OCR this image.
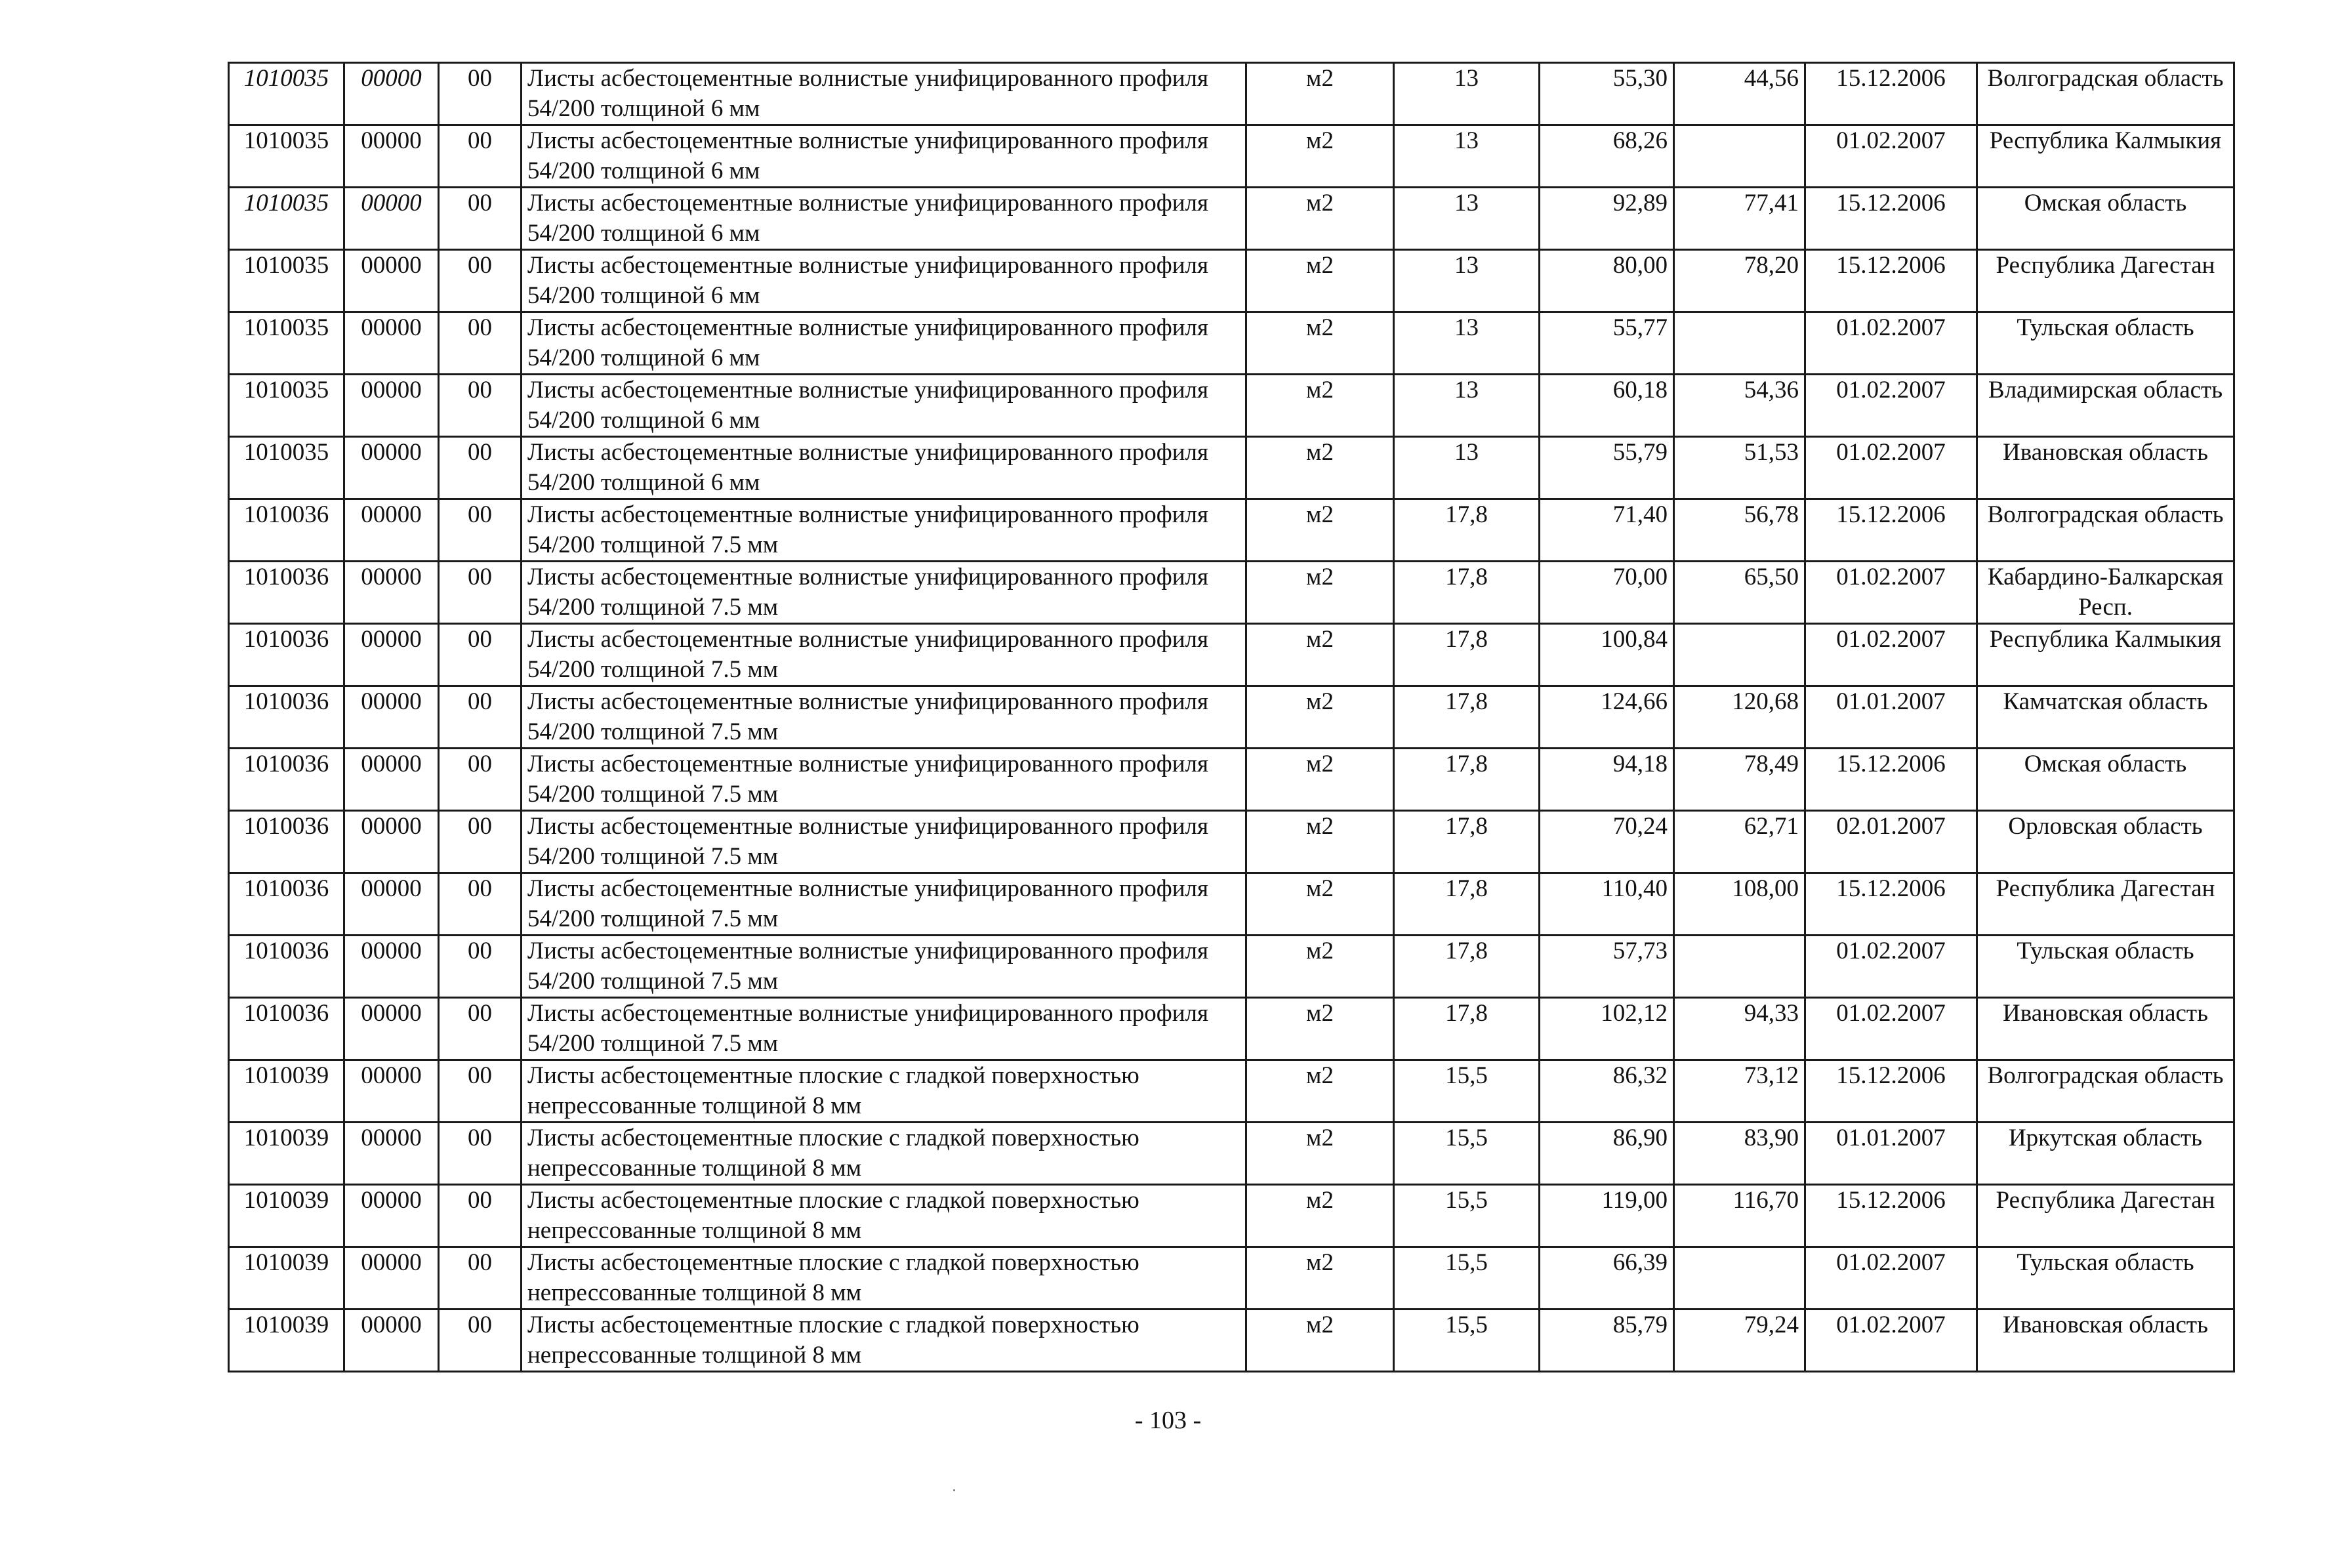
1010035	00000	00	Листы асбестоцементные волнистые унифицированного профиля 54/200 толщиной 6 мм	м2	13	55,30	44,56	15.12.2006	Волгоградская область
1010035	00000	00	Листы асбестоцементные волнистые унифицированного профиля 54/200 толщиной 6 мм	м2	13	68,26		01.02.2007	Республика Калмыкия
1010035	00000	00	Листы асбестоцементные волнистые унифицированного профиля 54/200 толщиной 6 мм	м2	13	92,89	77,41	15.12.2006	Омская область
1010035	00000	00	Листы асбестоцементные волнистые унифицированного профиля 54/200 толщиной 6 мм	м2	13	80,00	78,20	15.12.2006	Республика Дагестан
1010035	00000	00	Листы асбестоцементные волнистые унифицированного профиля 54/200 толщиной 6 мм	м2	13	55,77		01.02.2007	Тульская область
1010035	00000	00	Листы асбестоцементные волнистые унифицированного профиля 54/200 толщиной 6 мм	м2	13	60,18	54,36	01.02.2007	Владимирская область
1010035	00000	00	Листы асбестоцементные волнистые унифицированного профиля 54/200 толщиной 6 мм	м2	13	55,79	51,53	01.02.2007	Ивановская область
1010036	00000	00	Листы асбестоцементные волнистые унифицированного профиля 54/200 толщиной 7.5 мм	м2	17,8	71,40	56,78	15.12.2006	Волгоградская область
1010036	00000	00	Листы асбестоцементные волнистые унифицированного профиля 54/200 толщиной 7.5 мм	м2	17,8	70,00	65,50	01.02.2007	Кабардино-Балкарская Респ.
1010036	00000	00	Листы асбестоцементные волнистые унифицированного профиля 54/200 толщиной 7.5 мм	м2	17,8	100,84		01.02.2007	Республика Калмыкия
1010036	00000	00	Листы асбестоцементные волнистые унифицированного профиля 54/200 толщиной 7.5 мм	м2	17,8	124,66	120,68	01.01.2007	Камчатская область
1010036	00000	00	Листы асбестоцементные волнистые унифицированного профиля 54/200 толщиной 7.5 мм	м2	17,8	94,18	78,49	15.12.2006	Омская область
1010036	00000	00	Листы асбестоцементные волнистые унифицированного профиля 54/200 толщиной 7.5 мм	м2	17,8	70,24	62,71	02.01.2007	Орловская область
1010036	00000	00	Листы асбестоцементные волнистые унифицированного профиля 54/200 толщиной 7.5 мм	м2	17,8	110,40	108,00	15.12.2006	Республика Дагестан
1010036	00000	00	Листы асбестоцементные волнистые унифицированного профиля 54/200 толщиной 7.5 мм	м2	17,8	57,73		01.02.2007	Тульская область
1010036	00000	00	Листы асбестоцементные волнистые унифицированного профиля 54/200 толщиной 7.5 мм	м2	17,8	102,12	94,33	01.02.2007	Ивановская область
1010039	00000	00	Листы асбестоцементные плоские с гладкой поверхностью непрессованные толщиной 8 мм	м2	15,5	86,32	73,12	15.12.2006	Волгоградская область
1010039	00000	00	Листы асбестоцементные плоские с гладкой поверхностью непрессованные толщиной 8 мм	м2	15,5	86,90	83,90	01.01.2007	Иркутская область
1010039	00000	00	Листы асбестоцементные плоские с гладкой поверхностью непрессованные толщиной 8 мм	м2	15,5	119,00	116,70	15.12.2006	Республика Дагестан
1010039	00000	00	Листы асбестоцементные плоские с гладкой поверхностью непрессованные толщиной 8 мм	м2	15,5	66,39		01.02.2007	Тульская область
1010039	00000	00	Листы асбестоцементные плоские с гладкой поверхностью непрессованные толщиной 8 мм	м2	15,5	85,79	79,24	01.02.2007	Ивановская область
- 103 -
